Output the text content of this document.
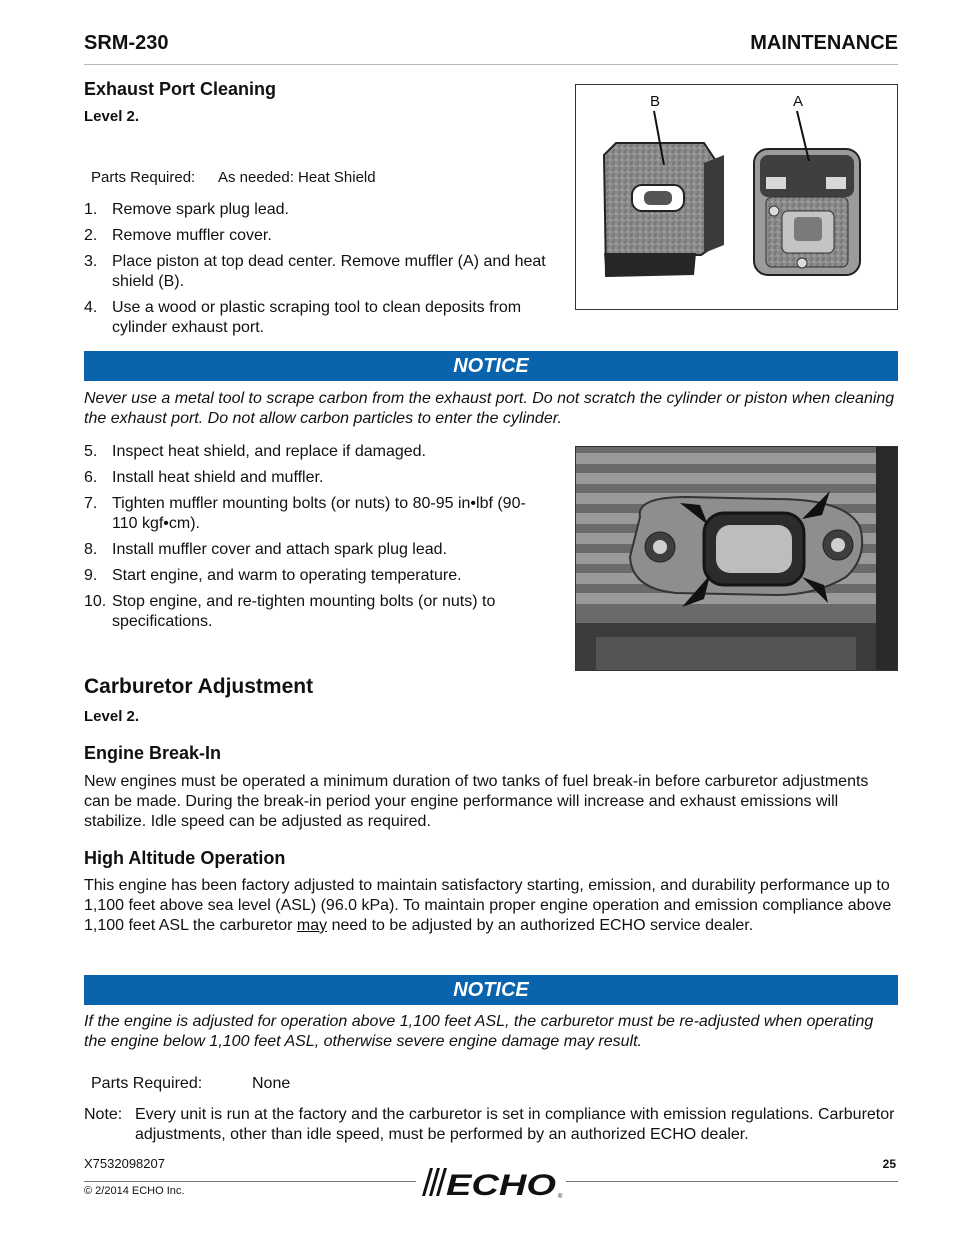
SRM-230	MAINTENANCE
Exhaust Port Cleaning
Level 2.
Parts Required: As needed: Heat Shield
1. Remove spark plug lead.
2. Remove muffler cover.
3. Place piston at top dead center. Remove muffler (A) and heat shield (B).
4. Use a wood or plastic scraping tool to clean deposits from cylinder exhaust port.
B	A
NOTICE
Never use a metal tool to scrape carbon from the exhaust port. Do not scratch the cylinder or piston when cleaning the exhaust port. Do not allow carbon particles to enter the cylinder.
5. Inspect heat shield, and replace if damaged.
6. Install heat shield and muffler.
7. Tighten muffler mounting bolts (or nuts) to 80-95 in•lbf (90-110 kgf•cm).
8. Install muffler cover and attach spark plug lead.
9. Start engine, and warm to operating temperature.
10. Stop engine, and re-tighten mounting bolts (or nuts) to specifications.
Carburetor Adjustment
Level 2.
Engine Break-In
New engines must be operated a minimum duration of two tanks of fuel break-in before carburetor adjustments can be made. During the break-in period your engine performance will increase and exhaust emissions will stabilize. Idle speed can be adjusted as required.
High Altitude Operation
This engine has been factory adjusted to maintain satisfactory starting, emission, and durability performance up to 1,100 feet above sea level (ASL) (96.0 kPa). To maintain proper engine operation and emission compliance above 1,100 feet ASL the carburetor may need to be adjusted by an authorized ECHO service dealer.
NOTICE
If the engine is adjusted for operation above 1,100 feet ASL, the carburetor must be re-adjusted when operating the engine below 1,100 feet ASL, otherwise severe engine damage may result.
Parts Required:	None
Note: Every unit is run at the factory and the carburetor is set in compliance with emission regulations. Carburetor adjustments, other than idle speed, must be performed by an authorized ECHO dealer.
X7532098207	25
© 2/2014 ECHO Inc.	ECHO ®
